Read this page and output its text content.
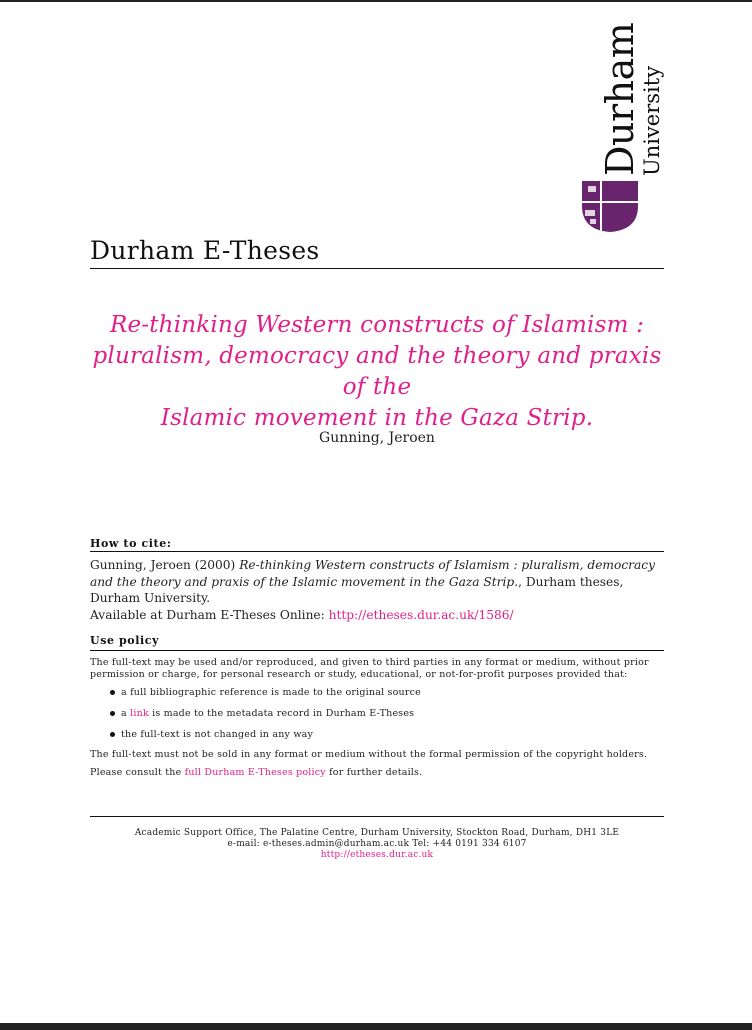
Durham
University
Durham E-Theses
Re-thinking Western constructs of Islamism :
pluralism, democracy and the theory and praxis of the
Islamic movement in the Gaza Strip.
Gunning, Jeroen
How to cite:
Gunning, Jeroen (2000) Re-thinking Western constructs of Islamism : pluralism, democracy and the theory and praxis of the Islamic movement in the Gaza Strip., Durham theses, Durham University.
Available at Durham E-Theses Online: http://etheses.dur.ac.uk/1586/
Use policy
The full-text may be used and/or reproduced, and given to third parties in any format or medium, without prior permission or charge, for personal research or study, educational, or not-for-profit purposes provided that:
a full bibliographic reference is made to the original source
a link is made to the metadata record in Durham E-Theses
the full-text is not changed in any way
The full-text must not be sold in any format or medium without the formal permission of the copyright holders.
Please consult the full Durham E-Theses policy for further details.
Academic Support Office, The Palatine Centre, Durham University, Stockton Road, Durham, DH1 3LE
e-mail: e-theses.admin@durham.ac.uk Tel: +44 0191 334 6107
http://etheses.dur.ac.uk
